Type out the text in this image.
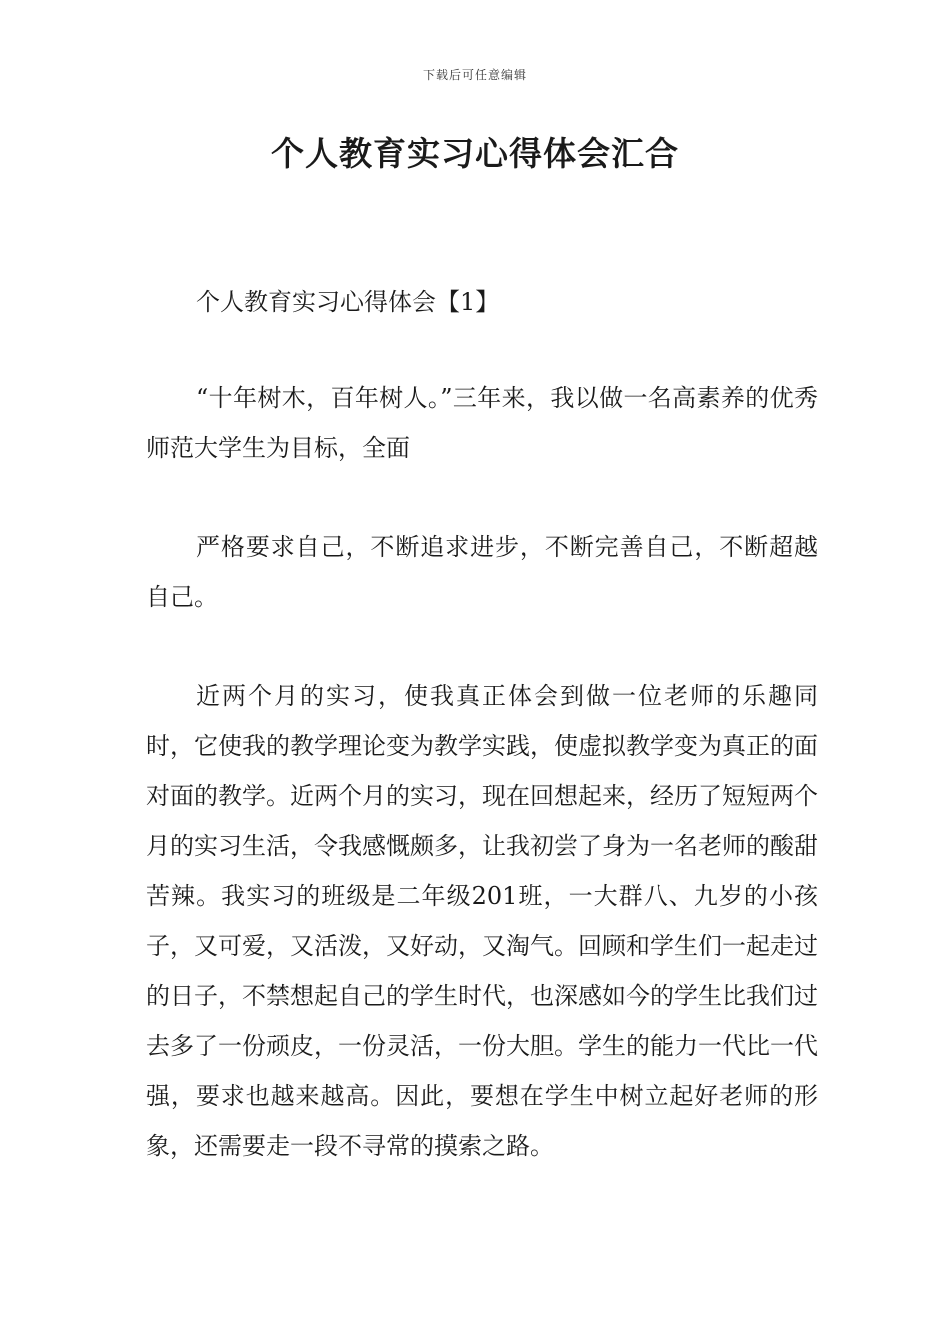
下载后可任意编辑
个人教育实习心得体会汇合
个人教育实习心得体会【1】

“十年树木，百年树人。”三年来，我以做一名高素养的优秀师范大学生为目标，全面

严格要求自己，不断追求进步，不断完善自己，不断超越自己。

近两个月的实习，使我真正体会到做一位老师的乐趣同时，它使我的教学理论变为教学实践，使虚拟教学变为真正的面对面的教学。近两个月的实习，现在回想起来，经历了短短两个月的实习生活，令我感慨颇多，让我初尝了身为一名老师的酸甜苦辣。我实习的班级是二年级201班，一大群八、九岁的小孩子，又可爱，又活泼，又好动，又淘气。回顾和学生们一起走过的日子，不禁想起自己的学生时代，也深感如今的学生比我们过去多了一份顽皮，一份灵活，一份大胆。学生的能力一代比一代强，要求也越来越高。因此，要想在学生中树立起好老师的形象，还需要走一段不寻常的摸索之路。
